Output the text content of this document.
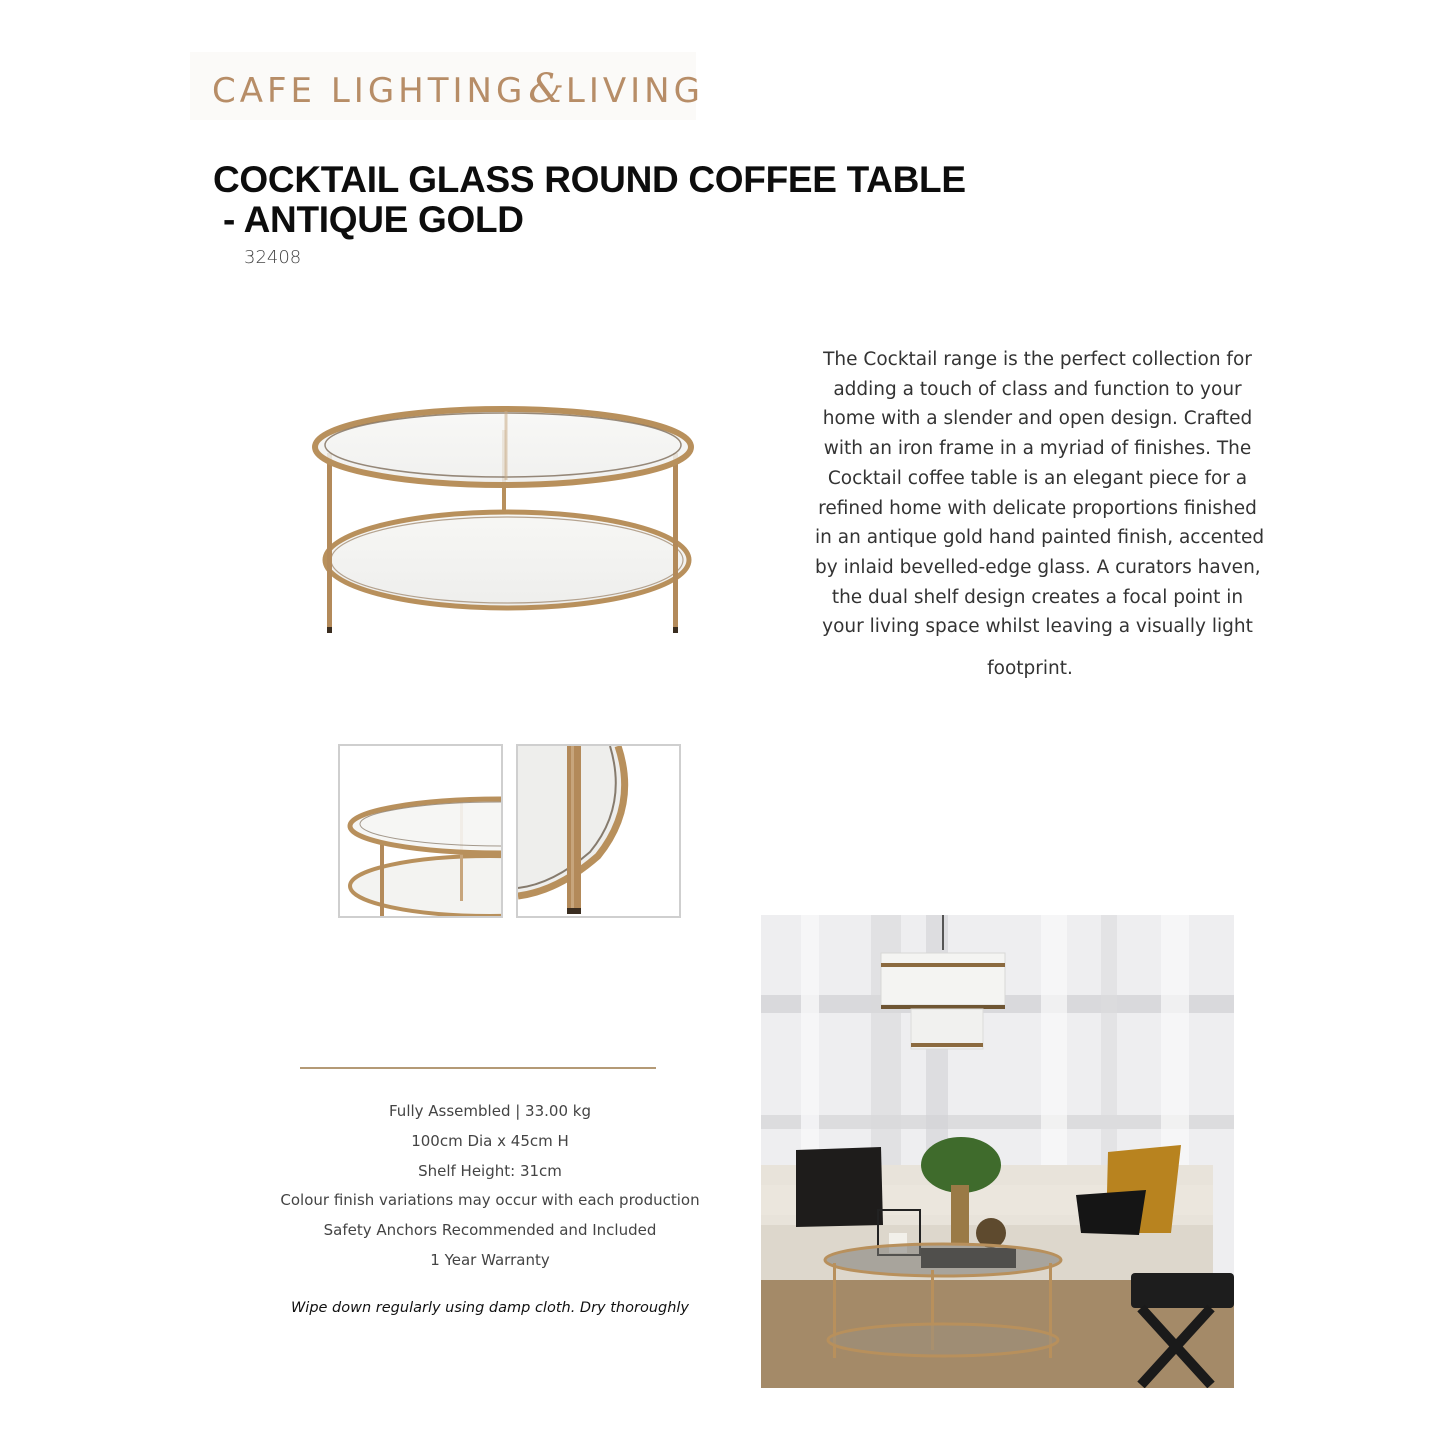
CAFE LIGHTING&LIVING
COCKTAIL GLASS ROUND COFFEE TABLE
- ANTIQUE GOLD
32408
The Cocktail range is the perfect collection for
adding a touch of class and function to your
home with a slender and open design. Crafted
with an iron frame in a myriad of finishes. The
Cocktail coffee table is an elegant piece for a
refined home with delicate proportions finished
in an antique gold hand painted finish, accented
by inlaid bevelled-edge glass. A curators haven,
the dual shelf design creates a focal point in
your living space whilst leaving a visually light
footprint.
Fully Assembled | 33.00 kg
100cm Dia x 45cm H
Shelf Height: 31cm
Colour finish variations may occur with each production
Safety Anchors Recommended and Included
1 Year Warranty
Wipe down regularly using damp cloth. Dry thoroughly
